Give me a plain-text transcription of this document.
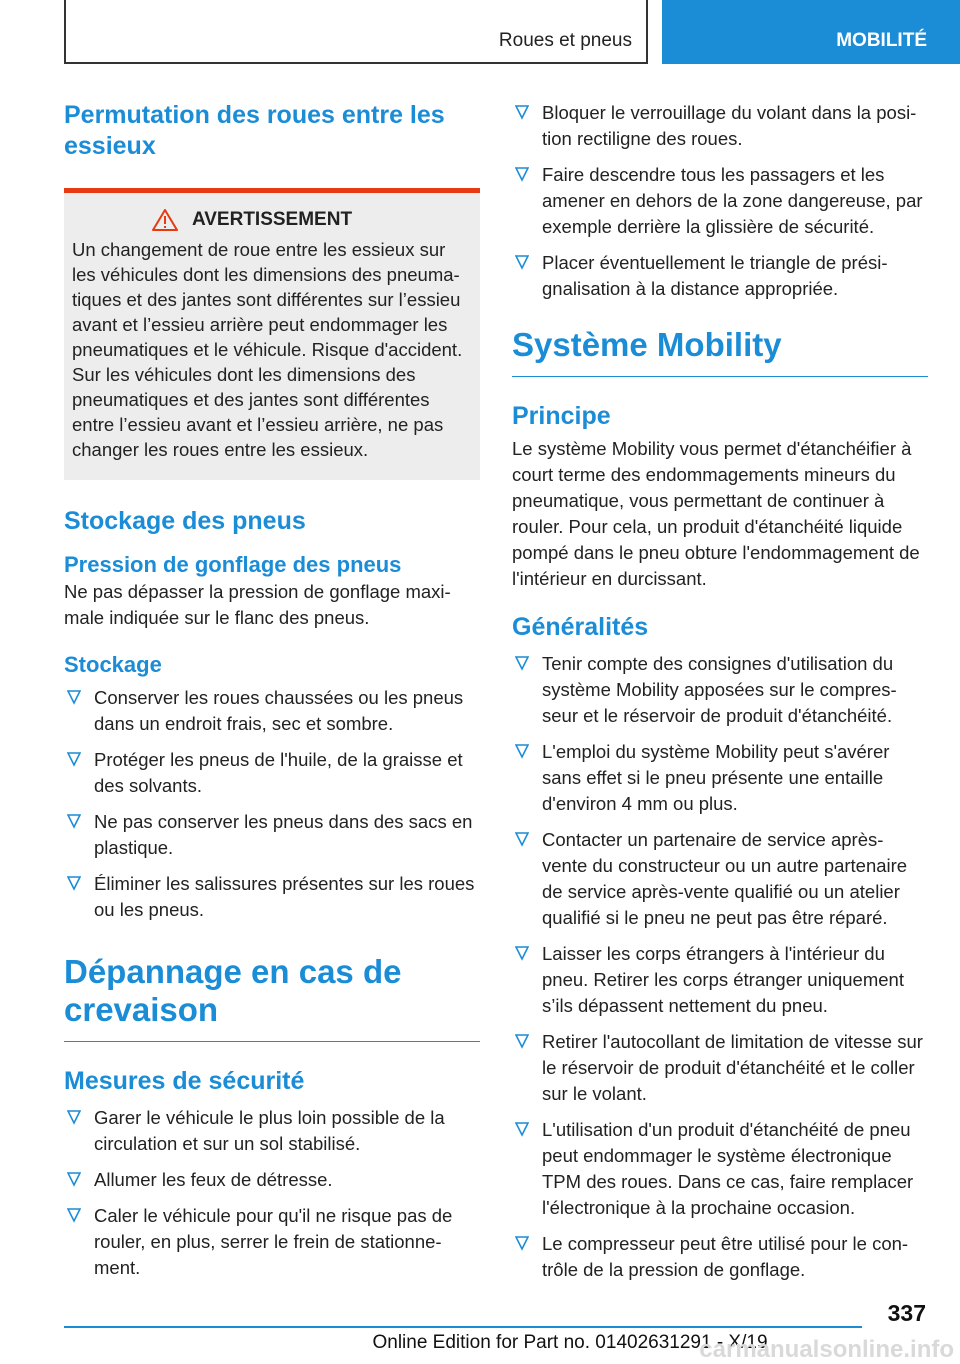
Roues et pneus	MOBILITÉ
Permutation des roues entre les essieux
AVERTISSEMENT
Un changement de roue entre les essieux sur les véhicules dont les dimensions des pneuma- tiques et des jantes sont différentes sur l’essieu avant et l’essieu arrière peut endommager les pneumatiques et le véhicule. Risque d'accident. Sur les véhicules dont les dimensions des pneumatiques et des jantes sont différentes entre l’essieu avant et l’essieu arrière, ne pas changer les roues entre les essieux.
Stockage des pneus
Pression de gonflage des pneus

Ne pas dépasser la pression de gonflage maxi- male indiquée sur le flanc des pneus.

Stockage
Conserver les roues chaussées ou les pneus dans un endroit frais, sec et sombre.
Protéger les pneus de l'huile, de la graisse et des solvants.
Ne pas conserver les pneus dans des sacs en plastique.
Éliminer les salissures présentes sur les roues ou les pneus.
Dépannage en cas de crevaison
Mesures de sécurité
Garer le véhicule le plus loin possible de la circulation et sur un sol stabilisé.
Allumer les feux de détresse.
Caler le véhicule pour qu'il ne risque pas de rouler, en plus, serrer le frein de stationne- ment.
Bloquer le verrouillage du volant dans la posi- tion rectiligne des roues.
Faire descendre tous les passagers et les amener en dehors de la zone dangereuse, par exemple derrière la glissière de sécurité.
Placer éventuellement le triangle de prési- gnalisation à la distance appropriée.
Système Mobility
Principe

Le système Mobility vous permet d'étanchéifier à court terme des endommagements mineurs du pneumatique, vous permettant de continuer à rouler. Pour cela, un produit d'étanchéité liquide pompé dans le pneu obture l'endommagement de l'intérieur en durcissant.

Généralités
Tenir compte des consignes d'utilisation du système Mobility apposées sur le compres- seur et le réservoir de produit d'étanchéité.
L'emploi du système Mobility peut s'avérer sans effet si le pneu présente une entaille d'environ 4 mm ou plus.
Contacter un partenaire de service après- vente du constructeur ou un autre partenaire de service après-vente qualifié ou un atelier qualifié si le pneu ne peut pas être réparé.
Laisser les corps étrangers à l'intérieur du pneu. Retirer les corps étranger uniquement s’ils dépassent nettement du pneu.
Retirer l'autocollant de limitation de vitesse sur le réservoir de produit d'étanchéité et le coller sur le volant.
L'utilisation d'un produit d'étanchéité de pneu peut endommager le système électronique TPM des roues. Dans ce cas, faire remplacer l'électronique à la prochaine occasion.
Le compresseur peut être utilisé pour le con- trôle de la pression de gonflage.
337
Online Edition for Part no. 01402631291 - X/19
carmanualsonline.info
